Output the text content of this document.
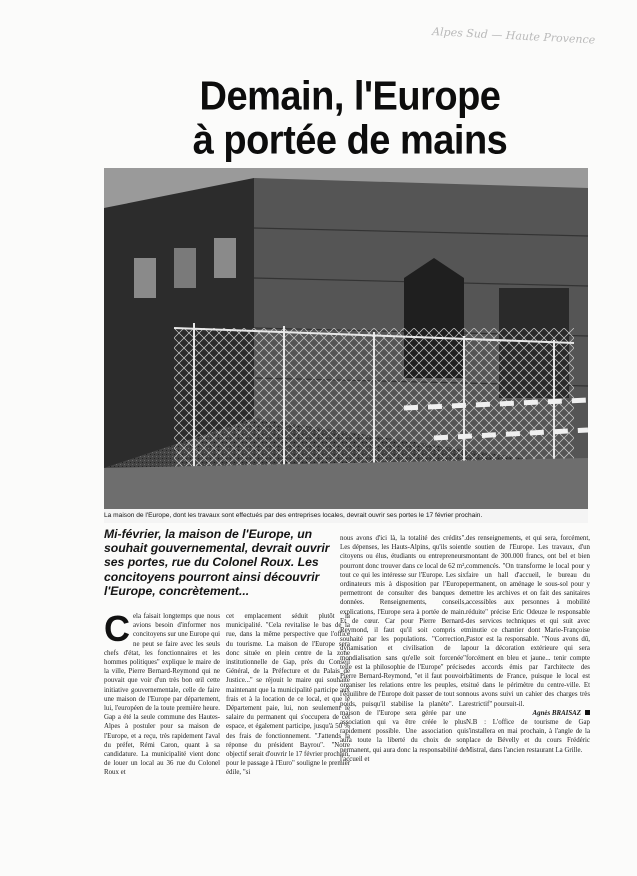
Alpes Sud — Haute Provence
Demain, l'Europe
à portée de mains
La maison de l'Europe, dont les travaux sont effectués par des entreprises locales, devrait ouvrir ses portes le 17 février prochain.
Mi-février, la maison de l'Europe, un souhait gouvernemental, devrait ouvrir ses portes, rue du Colonel Roux. Les concitoyens pourront ainsi découvrir l'Europe, concrètement...

Cela faisait longtemps que nous avions besoin d'informer nos concitoyens sur une Europe qui ne peut se faire avec les seuls chefs d'état, les fonctionnaires et les hommes politiques" explique le maire de la ville, Pierre Bernard-Reymond qui ne pouvait que voir d'un très bon œil cette initiative gouvernementale, celle de faire une maison de l'Europe par département, lui, l'européen de la toute première heure. Gap a été la seule commune des Hautes-Alpes à postuler pour sa maison de l'Europe, et a reçu, très rapidement l'aval du préfet, Rémi Caron, quant à sa candidature. La municipalité vient donc de louer un local au 36 rue du Colonel Roux et

cet emplacement séduit plutôt la municipalité. "Cela revitalise le bas de la rue, dans la même perspective que l'office du tourisme. La maison de l'Europe sera donc située en plein centre de la zone institutionnelle de Gap, près du Conseil Général, de la Préfecture et du Palais de Justice..." se réjouit le maire qui souhaite maintenant que la municipalité participe aux frais et à la location de ce local, et que le Département paie, lui, non seulement le salaire du permanent qui s'occupera de cet espace, et également participe, jusqu'à 50 % des frais de fonctionnement. "J'attends la réponse du président Bayrou". "Notre objectif serait d'ouvrir le 17 février prochain, pour le passage à l'Euro" souligne le premier édile, "si

nous avons d'ici là, la totalité des crédits". Les dépenses, les Hauts-Alpins, qu'ils soient citoyens ou élus, étudiants ou entrepreneurs pourront donc trouver dans ce local de 62 m², tout ce qui les intéresse sur l'Europe. Les six ordinateurs mis à disposition par l'Europe permettront de consulter des banques de données. Renseignements, conseils, explications, l'Europe sera à portée de main. Et de cœur. Car pour Pierre Bernard-Reymond, il faut qu'il soit compris et souhaité par les populations. "Correction, dynamisation et civilisation de la mondialisation sans qu'elle soit forcenée" telle est la philosophie de l'Europe" précise Pierre Bernard-Reymond, "et il faut pouvoir organiser les relations entre les peuples, et l'équilibre de l'Europe doit passer de tout son poids, puisqu'il stabilise la planète". La maison de l'Europe sera gérée par une association qui va être créée le plus rapidement possible. Une association qui aura toute la liberté du choix de son permanent, qui aura donc la responsabilité de l'accueil et

des renseignements, et qui sera, forcément, le soutien de l'Europe. Les travaux, d'un montant de 300.000 francs, ont bel et bien commencés. "On transforme le local pour y faire un hall d'accueil, le bureau du permanent, on aménage le sous-sol pour y mettre les archives et on fait des sanitaires accessibles aux personnes à mobilité réduite" précise Eric Odeuze le responsable des services techniques et qui suit avec minutie ce chantier dont Marie-Françoise Pastor est la responsable. "Nous avons dû, pour la décoration extérieure qui sera forcément en bleu et jaune... tenir compte des accords émis par l'architecte des bâtiments de France, puisque le local est situé dans le périmètre du centre-ville. Et nous avons suivi un cahier des charges très restrictif" poursuit-il.

Agnès BRAISAZ

N.B : L'office de tourisme de Gap s'installera en mai prochain, à l'angle de la place de Bévelly et du cours Frédéric Mistral, dans l'ancien restaurant La Grille.
